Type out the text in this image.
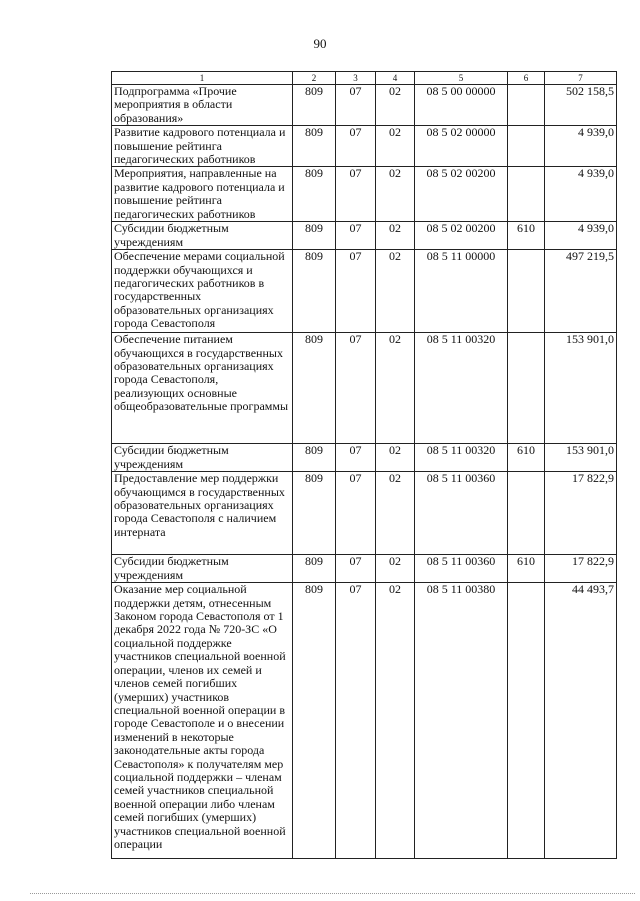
90
1	2	3	4	5	6	7
Подпрограмма «Прочие мероприятия в области образования»	809	07	02	08 5 00 00000		502 158,5
Развитие кадрового потенциала и повышение рейтинга педагогических работников	809	07	02	08 5 02 00000		4 939,0
Мероприятия, направленные на развитие кадрового потенциала и повышение рейтинга педагогических работников	809	07	02	08 5 02 00200		4 939,0
Субсидии бюджетным учреждениям	809	07	02	08 5 02 00200	610	4 939,0
Обеспечение мерами социальной поддержки обучающихся и педагогических работников в государственных образовательных организациях города Севастополя	809	07	02	08 5 11 00000		497 219,5
Обеспечение питанием обучающихся в государственных образовательных организациях города Севастополя, реализующих основные общеобразовательные программы	809	07	02	08 5 11 00320		153 901,0
Субсидии бюджетным учреждениям	809	07	02	08 5 11 00320	610	153 901,0
Предоставление мер поддержки обучающимся в государственных образовательных организациях города Севастополя с наличием интерната	809	07	02	08 5 11 00360		17 822,9
Субсидии бюджетным учреждениям	809	07	02	08 5 11 00360	610	17 822,9
Оказание мер социальной поддержки детям, отнесенным Законом города Севастополя от 1 декабря 2022 года № 720-ЗС «О социальной поддержке участников специальной военной операции, членов их семей и членов семей погибших (умерших) участников специальной военной операции в городе Севастополе и о внесении изменений в некоторые законодательные акты города Севастополя» к получателям мер социальной поддержки – членам семей участников специальной военной операции либо членам семей погибших (умерших) участников специальной военной операции	809	07	02	08 5 11 00380		44 493,7
